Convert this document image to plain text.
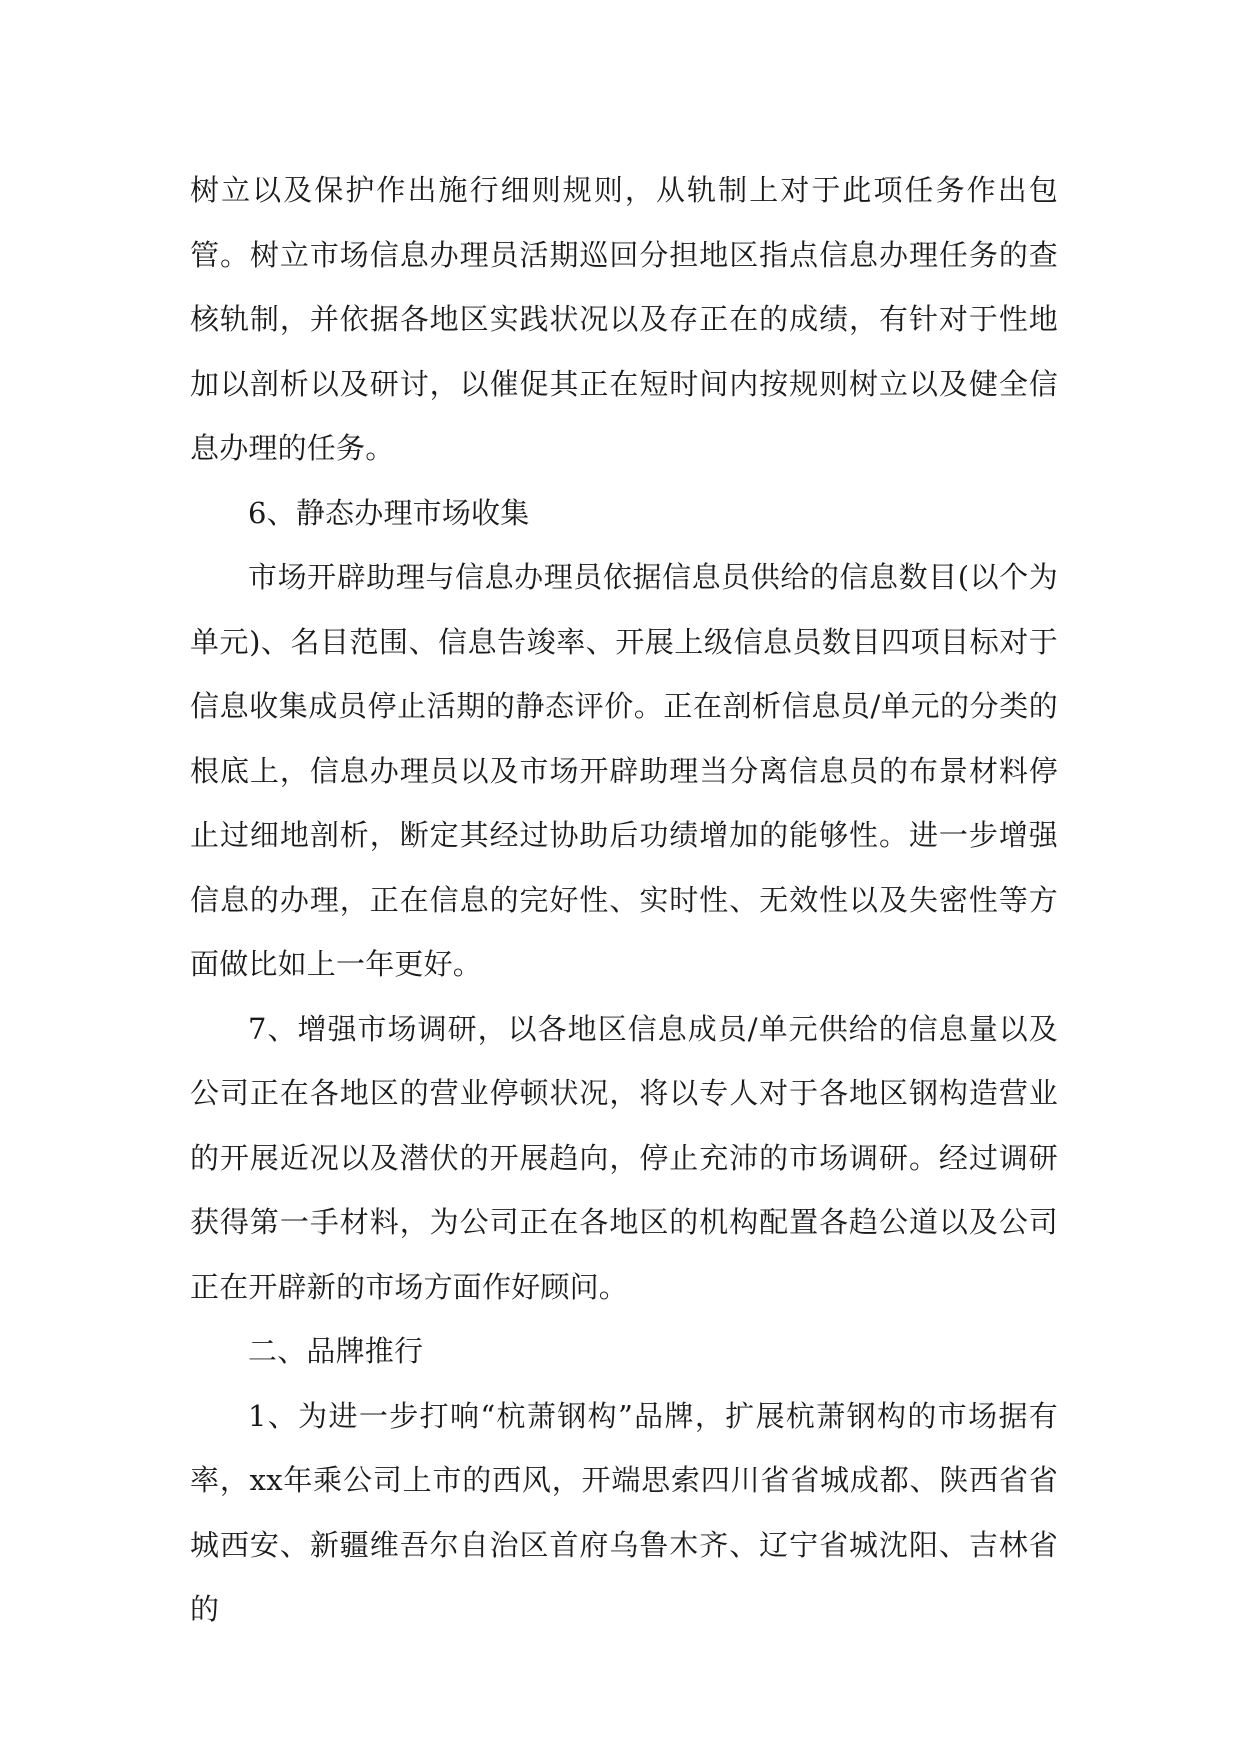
树立以及保护作出施行细则规则，从轨制上对于此项任务作出包管。树立市场信息办理员活期巡回分担地区指点信息办理任务的查核轨制，并依据各地区实践状况以及存正在的成绩，有针对于性地加以剖析以及研讨，以催促其正在短时间内按规则树立以及健全信息办理的任务。

6、静态办理市场收集

市场开辟助理与信息办理员依据信息员供给的信息数目(以个为单元)、名目范围、信息告竣率、开展上级信息员数目四项目标对于信息收集成员停止活期的静态评价。正在剖析信息员/单元的分类的根底上，信息办理员以及市场开辟助理当分离信息员的布景材料停止过细地剖析，断定其经过协助后功绩增加的能够性。进一步增强信息的办理，正在信息的完好性、实时性、无效性以及失密性等方面做比如上一年更好。

7、增强市场调研，以各地区信息成员/单元供给的信息量以及公司正在各地区的营业停顿状况，将以专人对于各地区钢构造营业的开展近况以及潜伏的开展趋向，停止充沛的市场调研。经过调研获得第一手材料，为公司正在各地区的机构配置各趋公道以及公司正在开辟新的市场方面作好顾问。

二、品牌推行

1、为进一步打响“杭萧钢构”品牌，扩展杭萧钢构的市场据有率，xx年乘公司上市的西风，开端思索四川省省城成都、陕西省省城西安、新疆维吾尔自治区首府乌鲁木齐、辽宁省城沈阳、吉林省的
